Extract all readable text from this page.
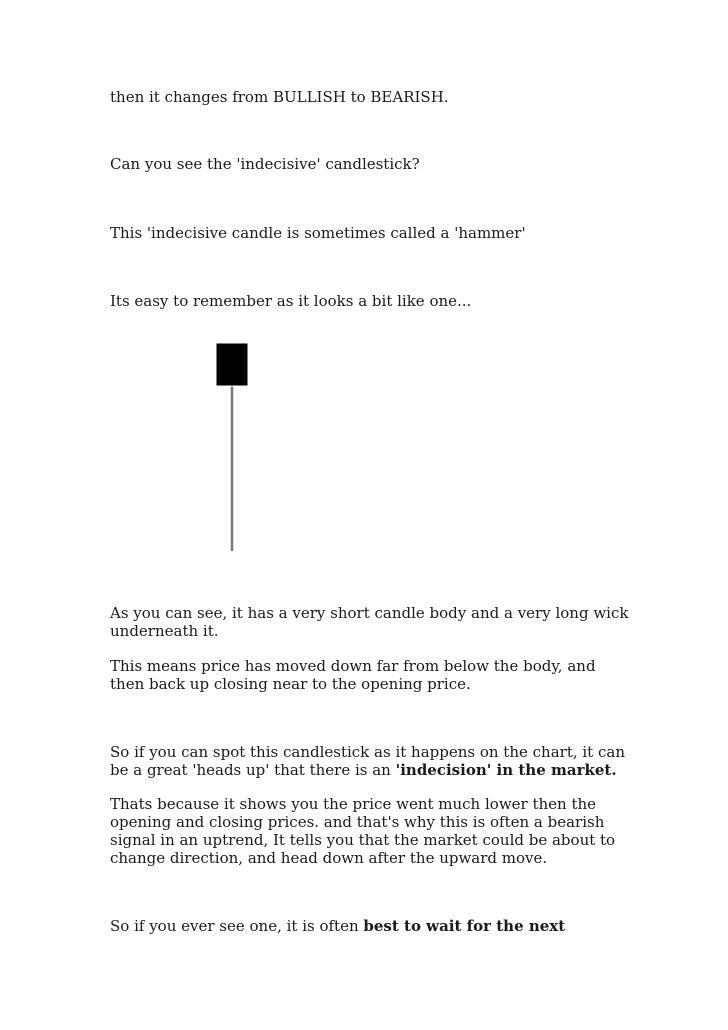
then it changes from BULLISH to BEARISH.

Can you see the 'indecisive' candlestick?

This 'indecisive candle is sometimes called a 'hammer'

Its easy to remember as it looks a bit like one...

As you can see, it has a very short candle body and a very long wick underneath it.

This means price has moved down far from below the body, and then back up closing near to the opening price.

So if you can spot this candlestick as it happens on the chart, it can be a great 'heads up' that there is an 'indecision' in the market.

Thats because it shows you the price went much lower then the opening and closing prices. and that's why this is often a bearish signal in an uptrend, It tells you that the market could be about to change direction, and head down after the upward move.

So if you ever see one, it is often best to wait for the next
